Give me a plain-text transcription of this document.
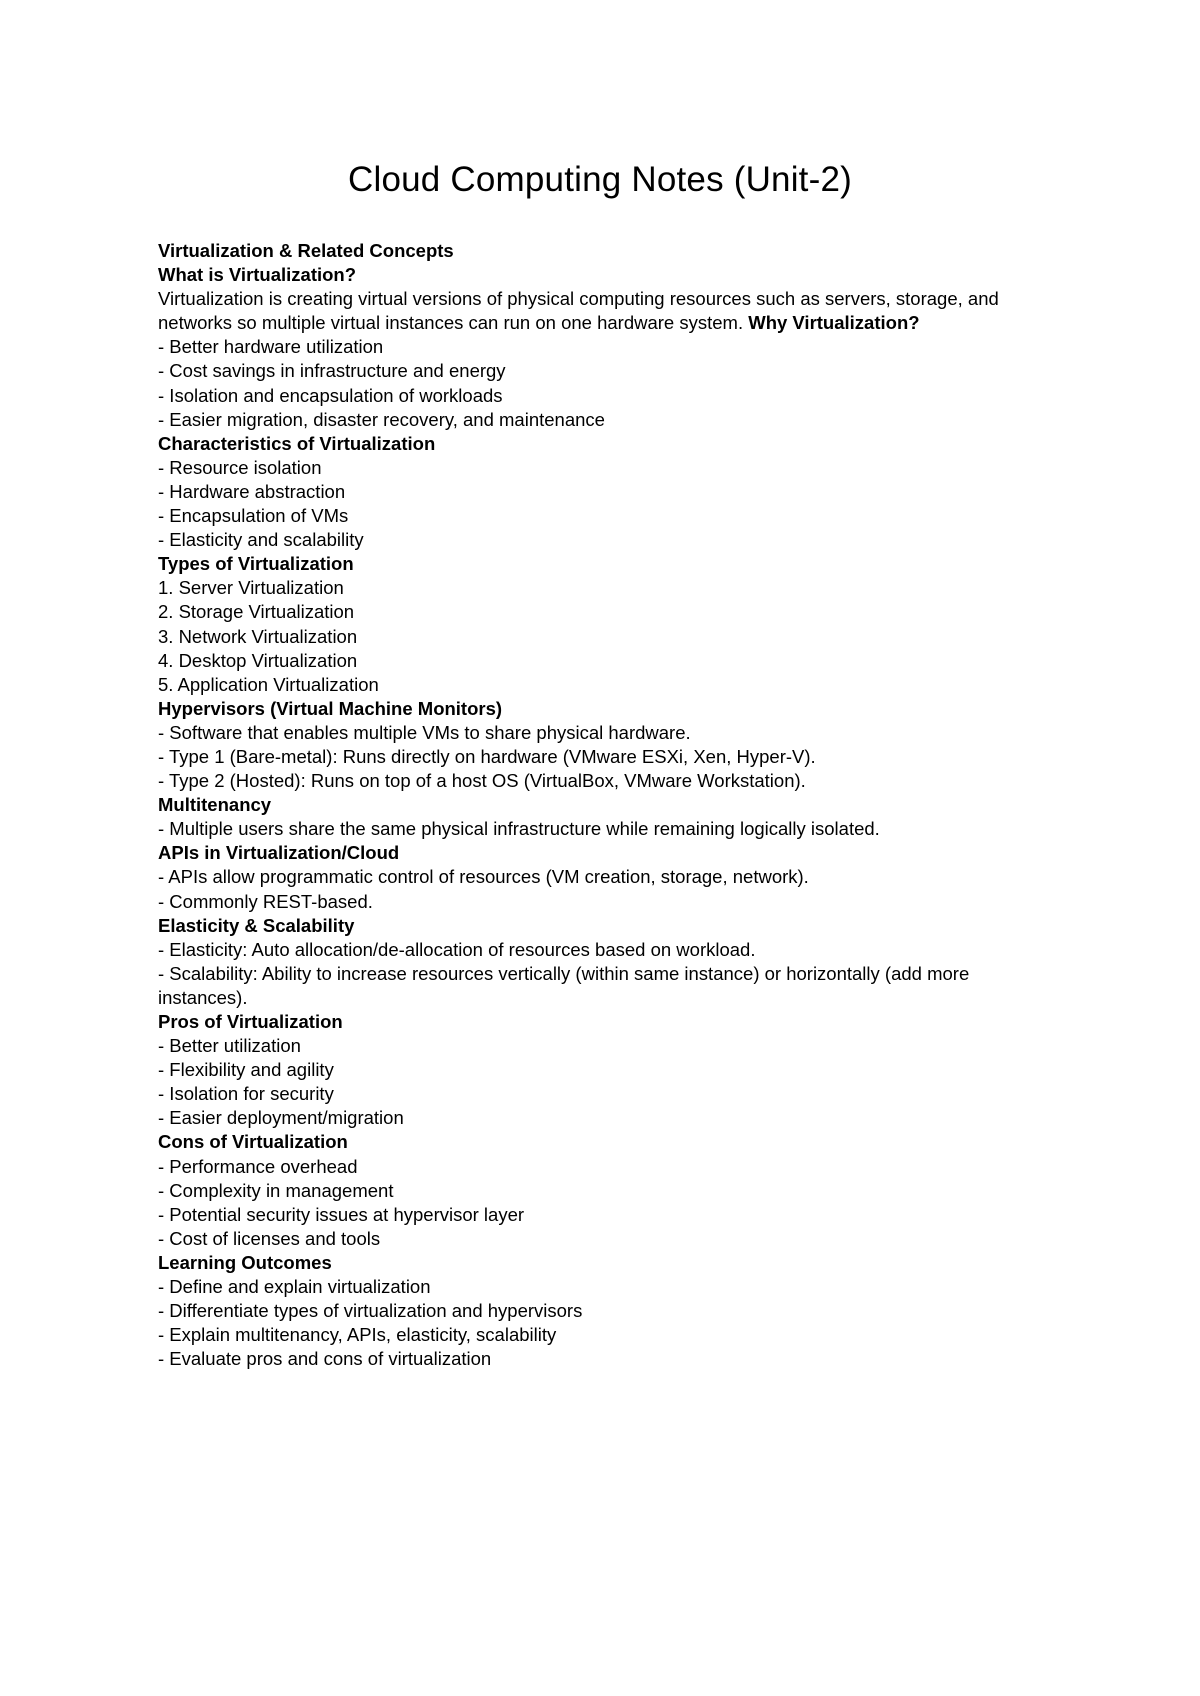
Cloud Computing Notes (Unit-2)

Virtualization & Related Concepts

What is Virtualization?

Virtualization is creating virtual versions of physical computing resources such as servers, storage, and networks so multiple virtual instances can run on one hardware system. Why Virtualization?

- Better hardware utilization

- Cost savings in infrastructure and energy

- Isolation and encapsulation of workloads

- Easier migration, disaster recovery, and maintenance

Characteristics of Virtualization

- Resource isolation

- Hardware abstraction

- Encapsulation of VMs

- Elasticity and scalability

Types of Virtualization

1. Server Virtualization

2. Storage Virtualization

3. Network Virtualization

4. Desktop Virtualization

5. Application Virtualization

Hypervisors (Virtual Machine Monitors)

- Software that enables multiple VMs to share physical hardware.

- Type 1 (Bare-metal): Runs directly on hardware (VMware ESXi, Xen, Hyper-V).

- Type 2 (Hosted): Runs on top of a host OS (VirtualBox, VMware Workstation).

Multitenancy

- Multiple users share the same physical infrastructure while remaining logically isolated.

APIs in Virtualization/Cloud

- APIs allow programmatic control of resources (VM creation, storage, network).

- Commonly REST-based.

Elasticity & Scalability

- Elasticity: Auto allocation/de-allocation of resources based on workload.

- Scalability: Ability to increase resources vertically (within same instance) or horizontally (add more instances).

Pros of Virtualization

- Better utilization

- Flexibility and agility

- Isolation for security

- Easier deployment/migration

Cons of Virtualization

- Performance overhead

- Complexity in management

- Potential security issues at hypervisor layer

- Cost of licenses and tools

Learning Outcomes

- Define and explain virtualization

- Differentiate types of virtualization and hypervisors

- Explain multitenancy, APIs, elasticity, scalability

- Evaluate pros and cons of virtualization
